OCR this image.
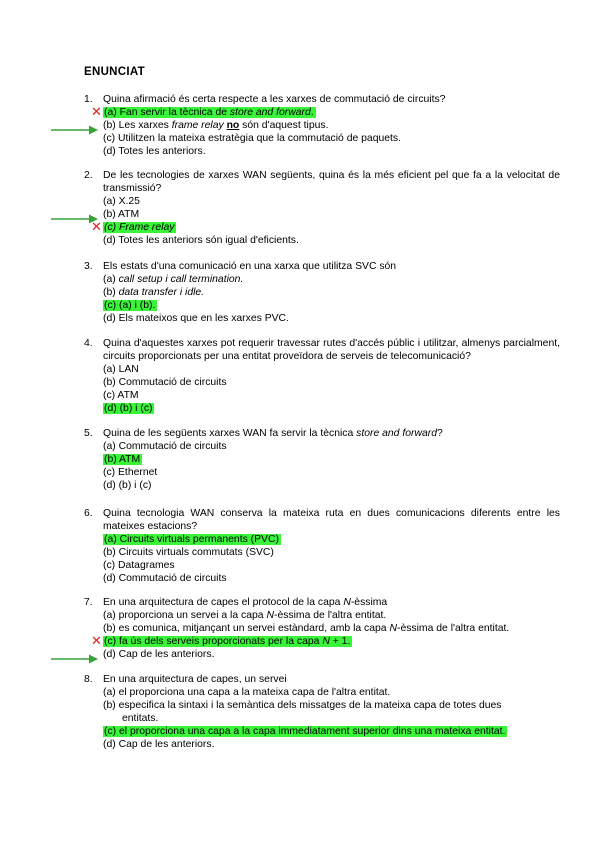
ENUNCIAT
1. Quina afirmació és certa respecte a les xarxes de commutació de circuits?
✕ (a) Fan servir la tècnica de store and forward.
(b) Les xarxes frame relay no són d'aquest tipus.
(c) Utilitzen la mateixa estratègia que la commutació de paquets.
(d) Totes les anteriors.
2. De les tecnologies de xarxes WAN següents, quina és la més eficient pel que fa a la velocitat de transmissió?
(a) X.25
(b) ATM
✕ (c) Frame relay
(d) Totes les anteriors són igual d'eficients.
3. Els estats d'una comunicació en una xarxa que utilitza SVC són
(a) call setup i call termination.
(b) data transfer i idle.
(c) (a) i (b).
(d) Els mateixos que en les xarxes PVC.
4. Quina d'aquestes xarxes pot requerir travessar rutes d'accés públic i utilitzar, almenys parcialment, circuits proporcionats per una entitat proveïdora de serveis de telecomunicació?
(a) LAN
(b) Commutació de circuits
(c) ATM
(d) (b) i (c)
5. Quina de les següents xarxes WAN fa servir la tècnica store and forward?
(a) Commutació de circuits
(b) ATM
(c) Ethernet
(d) (b) i (c)
6. Quina tecnologia WAN conserva la mateixa ruta en dues comunicacions diferents entre les mateixes estacions?
(a) Circuits virtuals permanents (PVC)
(b) Circuits virtuals commutats (SVC)
(c) Datagrames
(d) Commutació de circuits
7. En una arquitectura de capes el protocol de la capa N-èssima
(a) proporciona un servei a la capa N-èssima de l'altra entitat.
(b) es comunica, mitjançant un servei estàndard, amb la capa N-èssima de l'altra entitat.
✕ (c) fa ús dels serveis proporcionats per la capa N + 1.
(d) Cap de les anteriors.
8. En una arquitectura de capes, un servei
(a) el proporciona una capa a la mateixa capa de l'altra entitat.
(b) especifica la sintaxi i la semàntica dels missatges de la mateixa capa de totes dues
entitats.
(c) el proporciona una capa a la capa immediatament superior dins una mateixa entitat.
(d) Cap de les anteriors.
